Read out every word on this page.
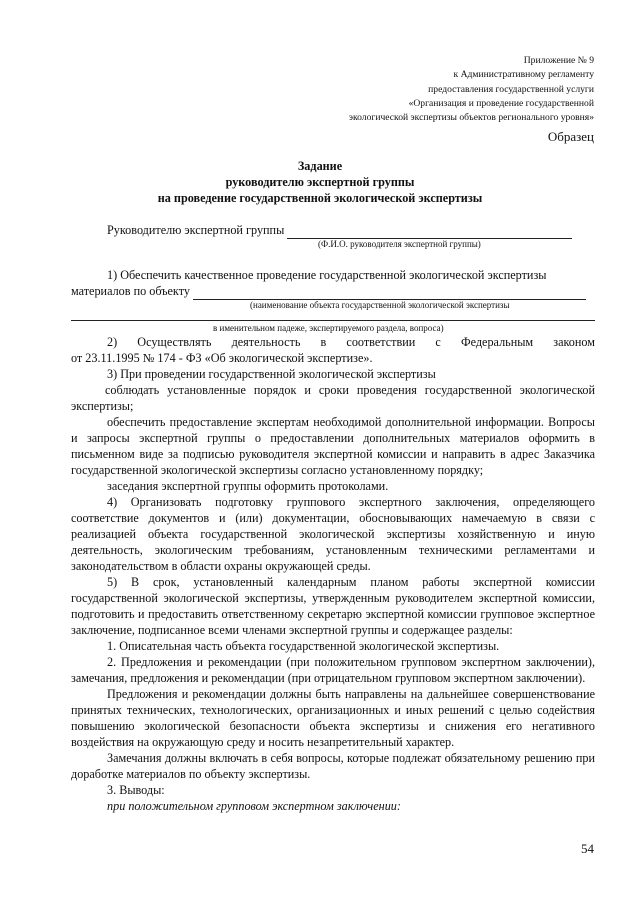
Приложение № 9
к Административному регламенту
предоставления государственной услуги
«Организация и проведение государственной
экологической экспертизы объектов регионального уровня»
Образец
Задание
руководителю экспертной группы
на проведение государственной экологической экспертизы

Руководителю экспертной группы

(Ф.И.О. руководителя экспертной группы)

1) Обеспечить качественное проведение государственной экологической экспертизы

материалов по объекту

(наименование объекта государственной экологической экспертизы
в именительном падеже, экспертируемого раздела, вопроса)

2) Осуществлять деятельность в соответствии с Федеральным законом

от 23.11.1995 № 174 - ФЗ «Об экологической экспертизе».

3) При проведении государственной экологической экспертизы

соблюдать установленные порядок и сроки проведения государственной экологической экспертизы;

обеспечить предоставление экспертам необходимой дополнительной информации. Вопросы и запросы экспертной группы о предоставлении дополнительных материалов оформить в письменном виде за подписью руководителя экспертной комиссии и направить в адрес Заказчика государственной экологической экспертизы согласно установленному порядку;

заседания экспертной группы оформить протоколами.

4) Организовать подготовку группового экспертного заключения, определяющего соответствие документов и (или) документации, обосновывающих намечаемую в связи с реализацией объекта государственной экологической экспертизы хозяйственную и иную деятельность, экологическим требованиям, установленным техническими регламентами и законодательством в области охраны окружающей среды.

5) В срок, установленный календарным планом работы экспертной комиссии государственной экологической экспертизы, утвержденным руководителем экспертной комиссии, подготовить и предоставить ответственному секретарю экспертной комиссии групповое экспертное заключение, подписанное всеми членами экспертной группы и содержащее разделы:

1. Описательная часть объекта государственной экологической экспертизы.

2. Предложения и рекомендации (при положительном групповом экспертном заключении), замечания, предложения и рекомендации (при отрицательном групповом экспертном заключении).

Предложения и рекомендации должны быть направлены на дальнейшее совершенствование принятых технических, технологических, организационных и иных решений с целью содействия повышению экологической безопасности объекта экспертизы и снижения его негативного воздействия на окружающую среду и носить незапретительный характер.

Замечания должны включать в себя вопросы, которые подлежат обязательному решению при доработке материалов по объекту экспертизы.

3. Выводы:

при положительном групповом экспертном заключении:

54
